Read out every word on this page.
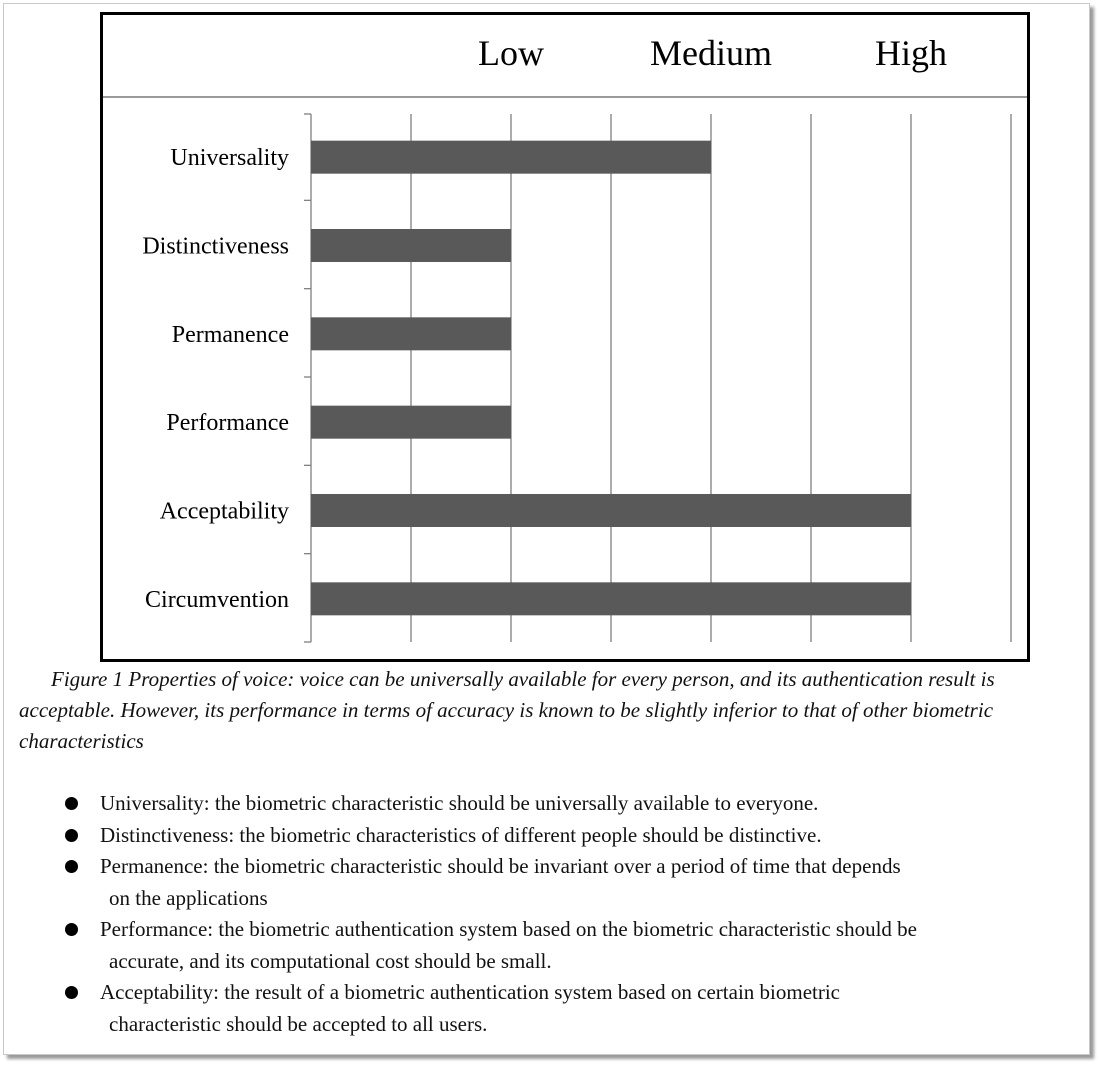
Low	Medium	High
Universality
Distinctiveness
Permanence
Performance
Acceptability
Circumvention

Figure 1 Properties of voice: voice can be universally available for every person, and its authentication result is acceptable. However, its performance in terms of accuracy is known to be slightly inferior to that of other biometric characteristics

Universality: the biometric characteristic should be universally available to everyone.
Distinctiveness: the biometric characteristics of different people should be distinctive.
Permanence: the biometric characteristic should be invariant over a period of time that depends
on the applications
Performance: the biometric authentication system based on the biometric characteristic should be
accurate, and its computational cost should be small.
Acceptability: the result of a biometric authentication system based on certain biometric
characteristic should be accepted to all users.
